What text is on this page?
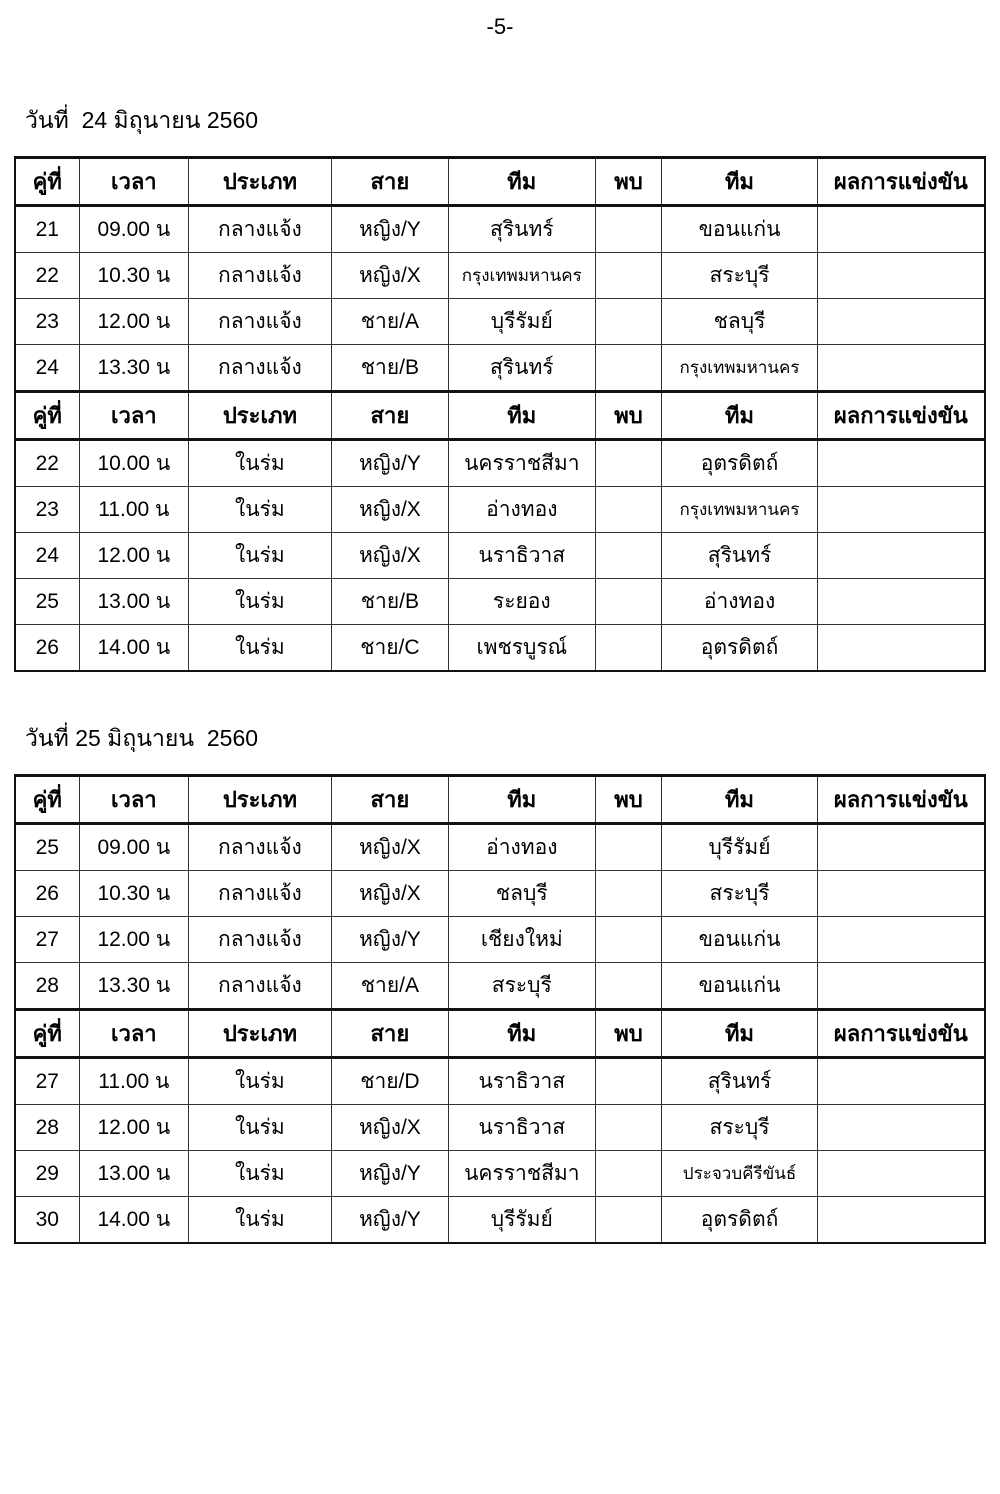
-5-
วันที่  24 มิถุนายน 2560
คู่ที่	เวลา	ประเภท	สาย	ทีม	พบ	ทีม	ผลการแข่งขัน
21	09.00 น	กลางแจ้ง	หญิง/Y	สุรินทร์		ขอนแก่น	
22	10.30 น	กลางแจ้ง	หญิง/X	กรุงเทพมหานคร		สระบุรี	
23	12.00 น	กลางแจ้ง	ชาย/A	บุรีรัมย์		ชลบุรี	
24	13.30 น	กลางแจ้ง	ชาย/B	สุรินทร์		กรุงเทพมหานคร	
คู่ที่	เวลา	ประเภท	สาย	ทีม	พบ	ทีม	ผลการแข่งขัน
22	10.00 น	ในร่ม	หญิง/Y	นครราชสีมา		อุตรดิตถ์	
23	11.00 น	ในร่ม	หญิง/X	อ่างทอง		กรุงเทพมหานคร	
24	12.00 น	ในร่ม	หญิง/X	นราธิวาส		สุรินทร์	
25	13.00 น	ในร่ม	ชาย/B	ระยอง		อ่างทอง	
26	14.00 น	ในร่ม	ชาย/C	เพชรบูรณ์		อุตรดิตถ์	
วันที่ 25 มิถุนายน  2560
คู่ที่	เวลา	ประเภท	สาย	ทีม	พบ	ทีม	ผลการแข่งขัน
25	09.00 น	กลางแจ้ง	หญิง/X	อ่างทอง		บุรีรัมย์	
26	10.30 น	กลางแจ้ง	หญิง/X	ชลบุรี		สระบุรี	
27	12.00 น	กลางแจ้ง	หญิง/Y	เชียงใหม่		ขอนแก่น	
28	13.30 น	กลางแจ้ง	ชาย/A	สระบุรี		ขอนแก่น	
คู่ที่	เวลา	ประเภท	สาย	ทีม	พบ	ทีม	ผลการแข่งขัน
27	11.00 น	ในร่ม	ชาย/D	นราธิวาส		สุรินทร์	
28	12.00 น	ในร่ม	หญิง/X	นราธิวาส		สระบุรี	
29	13.00 น	ในร่ม	หญิง/Y	นครราชสีมา		ประจวบคีรีขันธ์	
30	14.00 น	ในร่ม	หญิง/Y	บุรีรัมย์		อุตรดิตถ์	
